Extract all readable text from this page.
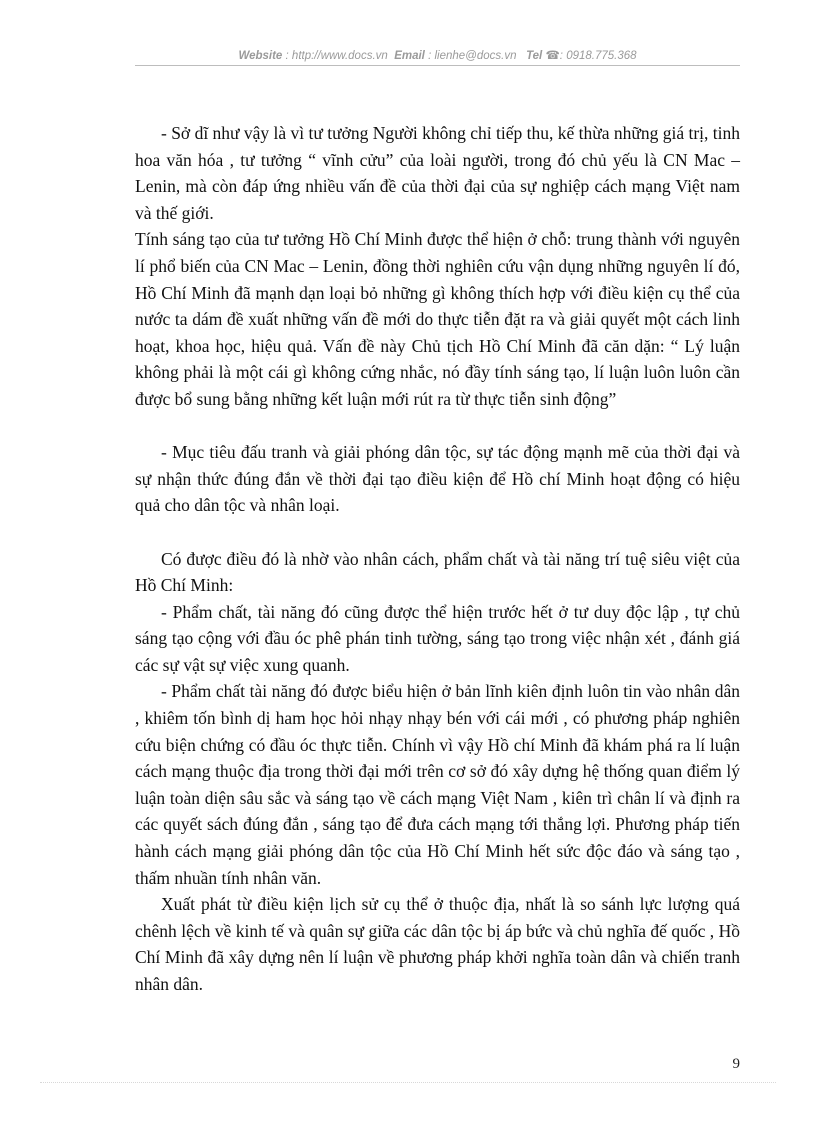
Website : http://www.docs.vn Email : lienhe@docs.vn Tel ☎: 0918.775.368

- Sở dĩ như vậy là vì tư tưởng Người không chỉ tiếp thu, kế thừa những giá trị, tinh hoa văn hóa , tư tưởng “ vĩnh cửu” của loài người, trong đó chủ yếu là CN Mac – Lenin, mà còn đáp ứng nhiều vấn đề của thời đại của sự nghiệp cách mạng Việt nam và thế giới.

Tính sáng tạo của tư tưởng Hồ Chí Minh được thể hiện ở chỗ: trung thành với nguyên lí phổ biến của CN Mac – Lenin, đồng thời nghiên cứu vận dụng những nguyên lí đó, Hồ Chí Minh đã mạnh dạn loại bỏ những gì không thích hợp với điều kiện cụ thể của nước ta dám đề xuất những vấn đề mới do thực tiễn đặt ra và giải quyết một cách linh hoạt, khoa học, hiệu quả. Vấn đề này Chủ tịch Hồ Chí Minh đã căn dặn: “ Lý luận không phải là một cái gì không cứng nhắc, nó đầy tính sáng tạo, lí luận luôn luôn cần được bổ sung bằng những kết luận mới rút ra từ thực tiễn sinh động”

- Mục tiêu đấu tranh và giải phóng dân tộc, sự tác động mạnh mẽ của thời đại và sự nhận thức đúng đắn về thời đại tạo điều kiện để Hồ chí Minh hoạt động có hiệu quả cho dân tộc và nhân loại.

Có được điều đó là nhờ vào nhân cách, phẩm chất và tài năng trí tuệ siêu việt của Hồ Chí Minh:

- Phẩm chất, tài năng đó cũng được thể hiện trước hết ở tư duy độc lập , tự chủ sáng tạo cộng với đầu óc phê phán tinh tường, sáng tạo trong việc nhận xét , đánh giá các sự vật sự việc xung quanh.

- Phẩm chất tài năng đó được biểu hiện ở bản lĩnh kiên định luôn tin vào nhân dân , khiêm tốn bình dị ham học hỏi nhạy nhạy bén với cái mới , có phương pháp nghiên cứu biện chứng có đầu óc thực tiễn. Chính vì vậy Hồ chí Minh đã khám phá ra lí luận cách mạng thuộc địa trong thời đại mới trên cơ sở đó xây dựng hệ thống quan điểm lý luận toàn diện sâu sắc và sáng tạo về cách mạng Việt Nam , kiên trì chân lí và định ra các quyết sách đúng đắn , sáng tạo để đưa cách mạng tới thắng lợi. Phương pháp tiến hành cách mạng giải phóng dân tộc của Hồ Chí Minh hết sức độc đáo và sáng tạo , thấm nhuần tính nhân văn.

Xuất phát từ điều kiện lịch sử cụ thể ở thuộc địa, nhất là so sánh lực lượng quá chênh lệch về kinh tế và quân sự giữa các dân tộc bị áp bức và chủ nghĩa đế quốc , Hồ Chí Minh đã xây dựng nên lí luận về phương pháp khởi nghĩa toàn dân và chiến tranh nhân dân.

9
